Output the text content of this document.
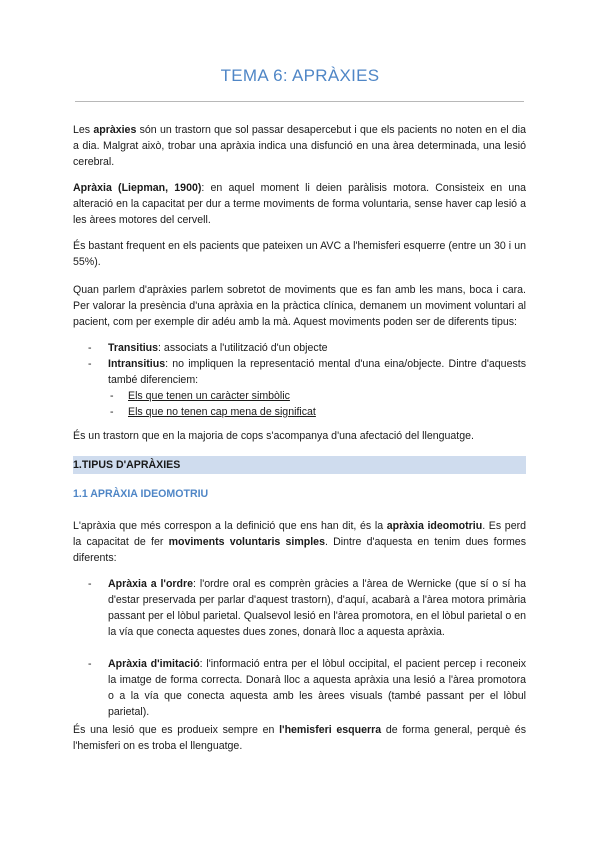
TEMA 6: APRÀXIES

Les apràxies són un trastorn que sol passar desapercebut i que els pacients no noten en el dia a dia. Malgrat això, trobar una apràxia indica una disfunció en una àrea determinada, una lesió cerebral.

Apràxia (Liepman, 1900): en aquel moment li deien paràlisis motora. Consisteix en una alteració en la capacitat per dur a terme moviments de forma voluntaria, sense haver cap lesió a les àrees motores del cervell.

És bastant frequent en els pacients que pateixen un AVC a l'hemisferi esquerre (entre un 30 i un 55%).

Quan parlem d'apràxies parlem sobretot de moviments que es fan amb les mans, boca i cara. Per valorar la presència d'una apràxia en la pràctica clínica, demanem un moviment voluntari al pacient, com per exemple dir adéu amb la mà. Aquest moviments poden ser de diferents tipus:

- Transitius: associats a l'utilització d'un objecte
- Intransitius: no impliquen la representació mental d'una eina/objecte. Dintre d'aquests també diferenciem:
- Els que tenen un caràcter simbòlic
- Els que no tenen cap mena de significat

És un trastorn que en la majoria de cops s'acompanya d'una afectació del llenguatge.

1.TIPUS D'APRÀXIES
1.1 APRÀXIA IDEOMOTRIU

L'apràxia que més correspon a la definició que ens han dit, és la apràxia ideomotriu. Es perd la capacitat de fer moviments voluntaris simples. Dintre d'aquesta en tenim dues formes diferents:

- Apràxia a l'ordre: l'ordre oral es comprèn gràcies a l'àrea de Wernicke (que sí o sí ha d'estar preservada per parlar d'aquest trastorn), d'aquí, acabarà a l'àrea motora primària passant per el lòbul parietal. Qualsevol lesió en l'àrea promotora, en el lòbul parietal o en la vía que conecta aquestes dues zones, donarà lloc a aquesta apràxia.
- Apràxia d'imitació: l'informació entra per el lòbul occipital, el pacient percep i reconeix la imatge de forma correcta. Donarà lloc a aquesta apràxia una lesió a l'àrea promotora o a la vía que conecta aquesta amb les àrees visuals (també passant per el lòbul parietal).

És una lesió que es produeix sempre en l'hemisferi esquerra de forma general, perquè és l'hemisferi on es troba el llenguatge.
